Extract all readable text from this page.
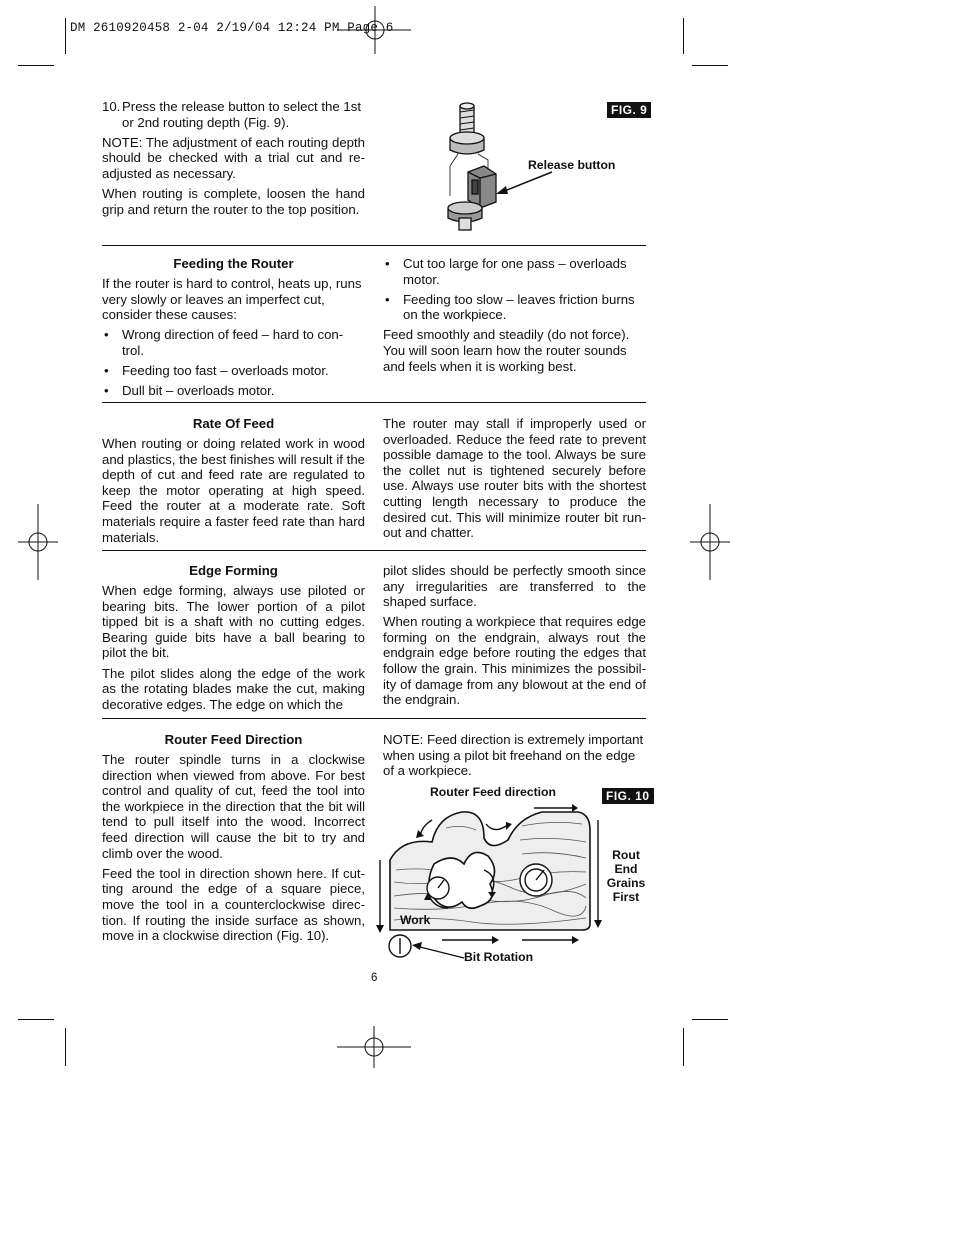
DM 2610920458 2-04 2/19/04 12:24 PM Page 6

10. Press the release button to select the 1st or 2nd routing depth (Fig. 9).

NOTE: The adjustment of each routing depth should be checked with a trial cut and re-adjusted as necessary.

When routing is complete, loosen the hand grip and return the router to the top position.

FIG. 9
Release button

Feeding the Router

If the router is hard to control, heats up, runs very slowly or leaves an imperfect cut, consider these causes:

• Wrong direction of feed – hard to con-trol.

• Feeding too fast – overloads motor.

• Dull bit – overloads motor.

• Cut too large for one pass – overloads motor.

• Feeding too slow – leaves friction burns on the workpiece.

Feed smoothly and steadily (do not force). You will soon learn how the router sounds and feels when it is working best.

Rate Of Feed

When routing or doing related work in wood and plastics, the best finishes will result if the depth of cut and feed rate are regulated to keep the motor operating at high speed. Feed the router at a moderate rate. Soft materials require a faster feed rate than hard materials.

The router may stall if improperly used or overloaded. Reduce the feed rate to prevent possible damage to the tool. Always be sure the collet nut is tightened securely before use. Always use router bits with the shortest cutting length necessary to produce the desired cut. This will minimize router bit run-out and chatter.

Edge Forming

When edge forming, always use piloted or bearing bits. The lower portion of a pilot tipped bit is a shaft with no cutting edges. Bearing guide bits have a ball bearing to pilot the bit.

The pilot slides along the edge of the work as the rotating blades make the cut, making decorative edges. The edge on which the

pilot slides should be perfectly smooth since any irregularities are transferred to the shaped surface.

When routing a workpiece that requires edge forming on the endgrain, always rout the endgrain edge before routing the edges that follow the grain. This minimizes the possibil-ity of damage from any blowout at the end of the endgrain.

Router Feed Direction

The router spindle turns in a clockwise direction when viewed from above. For best control and quality of cut, feed the tool into the workpiece in the direction that the bit will tend to pull itself into the wood. Incorrect feed direction will cause the bit to try and climb over the wood.

Feed the tool in direction shown here. If cut-ting around the edge of a square piece, move the tool in a counterclockwise direc-tion. If routing the inside surface as shown, move in a clockwise direction (Fig. 10).

NOTE: Feed direction is extremely important when using a pilot bit freehand on the edge of a workpiece.

Router Feed direction	FIG. 10
Rout
End
Grains
First
Work
Bit Rotation
6
